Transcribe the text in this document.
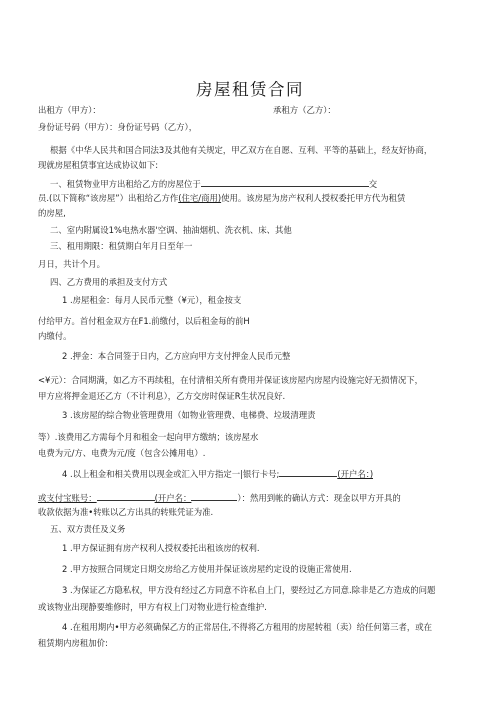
房屋租赁合同
出租方（甲方）：	承租方（乙方）：
身份证号码（甲方）：身份证号码（乙方），
根据《中华人民共和国合同法3及其他有关规定，甲乙双方在自愿、互利、平等的基础上，经友好协商，
现就房屋租赁事宜达成协议如下:
一、租赁物业甲方出租给乙方的房屋位于	交
员.(以下简称“该房屋”）出租给乙方作(住宅/商用)使用。该房屋为房产权利人授权委托甲方代为租赁
的房屋,
二、室内附属设1%电热水器'空调、抽油烟机、洗衣机、床、其他
三、租用期限：租赁期白年月日至年一
月日，共计个月。
四、乙方费用的承担及支付方式
1 .房屋租金：每月人民币元整（¥元），租金按支
付给甲方。首付租金双方在F1.前缴付，以后租金每的前H
内缴付。
2 .押金：本合同签于日内，乙方应向甲方支付押金人民币元整
<¥元）：合同期满，如乙方不再续租，在付清相关所有费用并保证该房屋内房屋内设施完好无损情况下，
甲方应将押金退还乙方（不计利息），乙方交房时保证R生状况良好.
3 .该房屋的综合物业管理费用（如物业管理费、电梯费、垃圾清理责
等）.该费用乙方需每个月和租金一起向甲方缴纳；该房屋水
电费为元/方、电费为元/度（包含公摊用电）.
4 .以上租金和相关费用以现金或汇入甲方指定一|银行卡号;	(开户名：)
或支付宝账号：	(开户名：	）：然用到帐的确认方式：现金以甲方开具的
收款依据为准•转账以乙方出具的转账凭证为准.
五、双方责任及义务
1 .甲方保证拥有房产权利人授权委托出租该房的权利.
2 .甲方按照合同规定日期交房给乙方使用并保证该房屋约定设的设施正常使用.
3 .为保证乙方隐私权，甲方没有经过乙方同意不许私自上门，要经过乙方同意.除非是乙方造成的问题
或该物业出现静要维修时，甲方有权上门对物业进行检查维护.
4 .在租用期内•甲方必须确保乙方的正常居住,不得将乙方租用的房屋转租（卖）给任何第三者，或在
租赁期内房租加价:
